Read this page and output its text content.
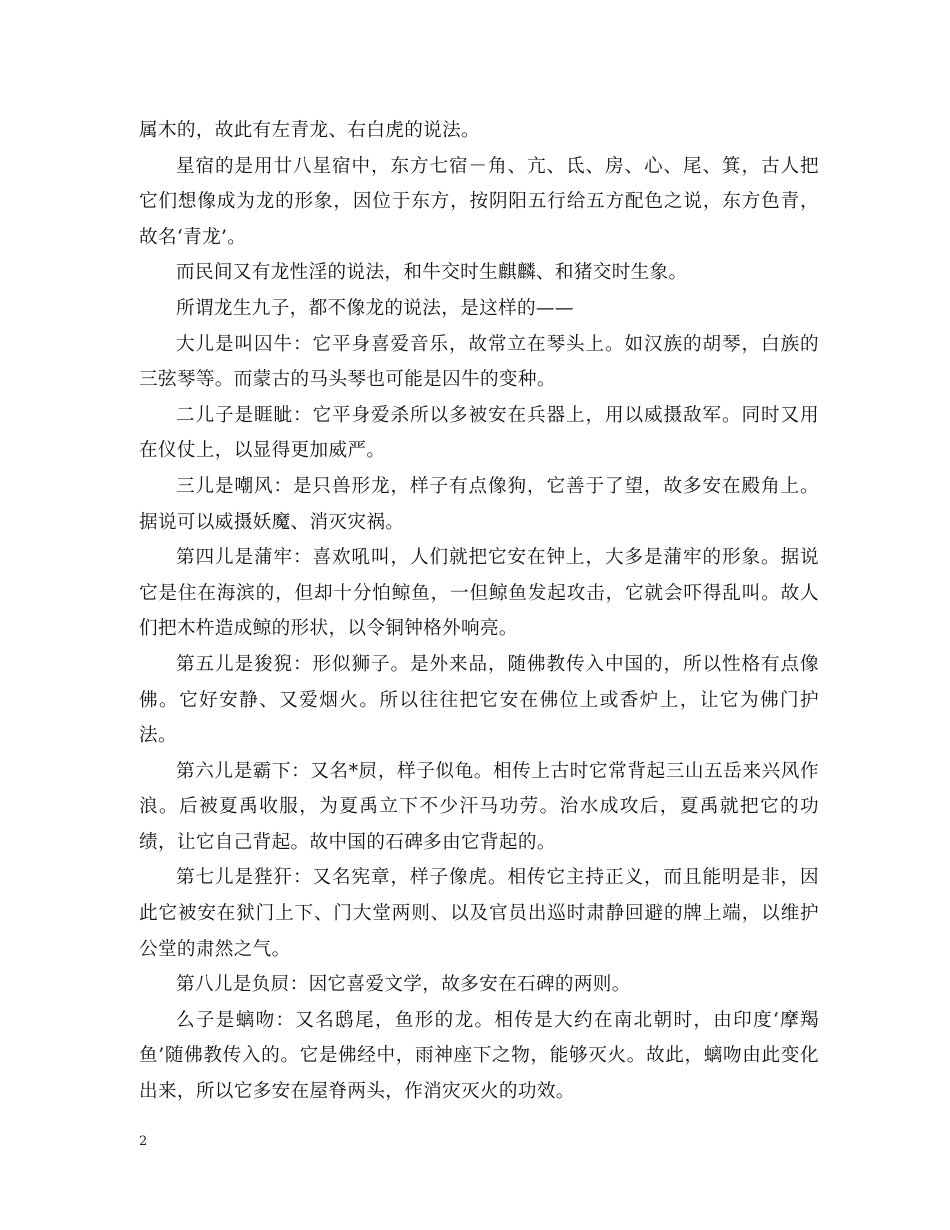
属木的，故此有左青龙、右白虎的说法。

星宿的是用廿八星宿中，东方七宿－角、亢、氐、房、心、尾、箕，古人把它们想像成为龙的形象，因位于东方，按阴阳五行给五方配色之说，东方色青，故名‘青龙’。

而民间又有龙性淫的说法，和牛交时生麒麟、和猪交时生象。

所谓龙生九子，都不像龙的说法，是这样的——

大儿是叫囚牛：它平身喜爱音乐，故常立在琴头上。如汉族的胡琴，白族的三弦琴等。而蒙古的马头琴也可能是囚牛的变种。

二儿子是睚眦：它平身爱杀所以多被安在兵器上，用以威摄敌军。同时又用在仪仗上，以显得更加威严。

三儿是嘲风：是只兽形龙，样子有点像狗，它善于了望，故多安在殿角上。据说可以威摄妖魔、消灭灾祸。

第四儿是蒲牢：喜欢吼叫，人们就把它安在钟上，大多是蒲牢的形象。据说它是住在海滨的，但却十分怕鲸鱼，一但鲸鱼发起攻击，它就会吓得乱叫。故人们把木杵造成鲸的形状，以令铜钟格外响亮。

第五儿是狻猊：形似狮子。是外来品，随佛教传入中国的，所以性格有点像佛。它好安静、又爱烟火。所以往往把它安在佛位上或香炉上，让它为佛门护法。

第六儿是霸下：又名*屃，样子似龟。相传上古时它常背起三山五岳来兴风作浪。后被夏禹收服，为夏禹立下不少汗马功劳。治水成攻后，夏禹就把它的功绩，让它自己背起。故中国的石碑多由它背起的。

第七儿是狴犴：又名宪章，样子像虎。相传它主持正义，而且能明是非，因此它被安在狱门上下、门大堂两则、以及官员出巡时肃静回避的牌上端，以维护公堂的肃然之气。

第八儿是负屃：因它喜爱文学，故多安在石碑的两则。

么子是螭吻：又名鸱尾，鱼形的龙。相传是大约在南北朝时，由印度‘摩羯鱼’随佛教传入的。它是佛经中，雨神座下之物，能够灭火。故此，螭吻由此变化出来，所以它多安在屋脊两头，作消灾灭火的功效。

2
